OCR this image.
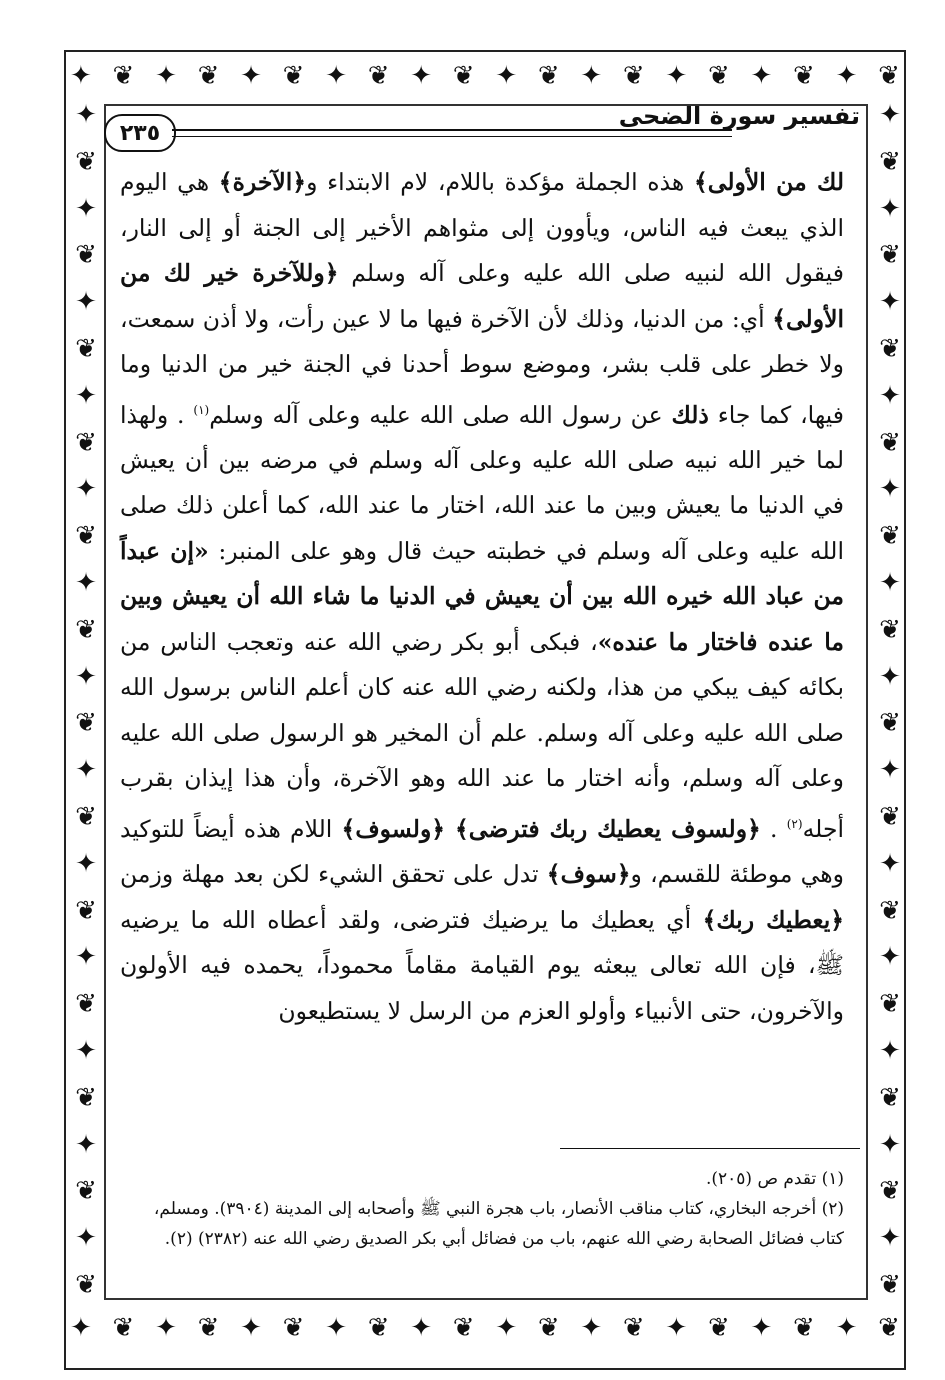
✦ ❦ ✦ ❦ ✦ ❦ ✦ ❦ ✦ ❦ ✦ ❦ ✦ ❦ ✦ ❦ ✦ ❦ ✦ ❦
✦ ❦ ✦ ❦ ✦ ❦ ✦ ❦ ✦ ❦ ✦ ❦ ✦ ❦ ✦ ❦ ✦ ❦ ✦ ❦
✦
❦
✦
❦
✦
❦
✦
❦
✦
❦
✦
❦
✦
❦
✦
❦
✦
❦
✦
❦
✦
❦
✦
❦
✦
❦
✦
❦
✦
❦
✦
❦
✦
❦
✦
❦
✦
❦
✦
❦
✦
❦
✦
❦
✦
❦
✦
❦
✦
❦
✦
❦
٢٣٥
تفسير سورة الضحى

لك من الأولى﴾ هذه الجملة مؤكدة باللام، لام الابتداء و﴿الآخرة﴾ هي اليوم الذي يبعث فيه الناس، ويأوون إلى مثواهم الأخير إلى الجنة أو إلى النار، فيقول الله لنبيه صلى الله عليه وعلى آله وسلم ﴿وللآخرة خير لك من الأولى﴾ أي: من الدنيا، وذلك لأن الآخرة فيها ما لا عين رأت، ولا أذن سمعت، ولا خطر على قلب بشر، وموضع سوط أحدنا في الجنة خير من الدنيا وما فيها، كما جاء ذلك عن رسول الله صلى الله عليه وعلى آله وسلم$^{(١)}$ . ولهذا لما خير الله نبيه صلى الله عليه وعلى آله وسلم في مرضه بين أن يعيش في الدنيا ما يعيش وبين ما عند الله، اختار ما عند الله، كما أعلن ذلك صلى الله عليه وعلى آله وسلم في خطبته حيث قال وهو على المنبر: «إن عبداً من عباد الله خيره الله بين أن يعيش في الدنيا ما شاء الله أن يعيش وبين ما عنده فاختار ما عنده»، فبكى أبو بكر رضي الله عنه وتعجب الناس من بكائه كيف يبكي من هذا، ولكنه رضي الله عنه كان أعلم الناس برسول الله صلى الله عليه وعلى آله وسلم. علم أن المخير هو الرسول صلى الله عليه وعلى آله وسلم، وأنه اختار ما عند الله وهو الآخرة، وأن هذا إيذان بقرب أجله$^{(٢)}$ . ﴿ولسوف يعطيك ربك فترضى﴾ ﴿ولسوف﴾ اللام هذه أيضاً للتوكيد وهي موطئة للقسم، و﴿سوف﴾ تدل على تحقق الشيء لكن بعد مهلة وزمن ﴿يعطيك ربك﴾ أي يعطيك ما يرضيك فترضى، ولقد أعطاه الله ما يرضيه ﷺ، فإن الله تعالى يبعثه يوم القيامة مقاماً محموداً، يحمده فيه الأولون والآخرون، حتى الأنبياء وأولو العزم من الرسل لا يستطيعون

(١) تقدم ص (٢٠٥).
(٢) أخرجه البخاري، كتاب مناقب الأنصار، باب هجرة النبي ﷺ وأصحابه إلى المدينة (٣٩٠٤). ومسلم، كتاب فضائل الصحابة رضي الله عنهم، باب من فضائل أبي بكر الصديق رضي الله عنه (٢٣٨٢) (٢).
